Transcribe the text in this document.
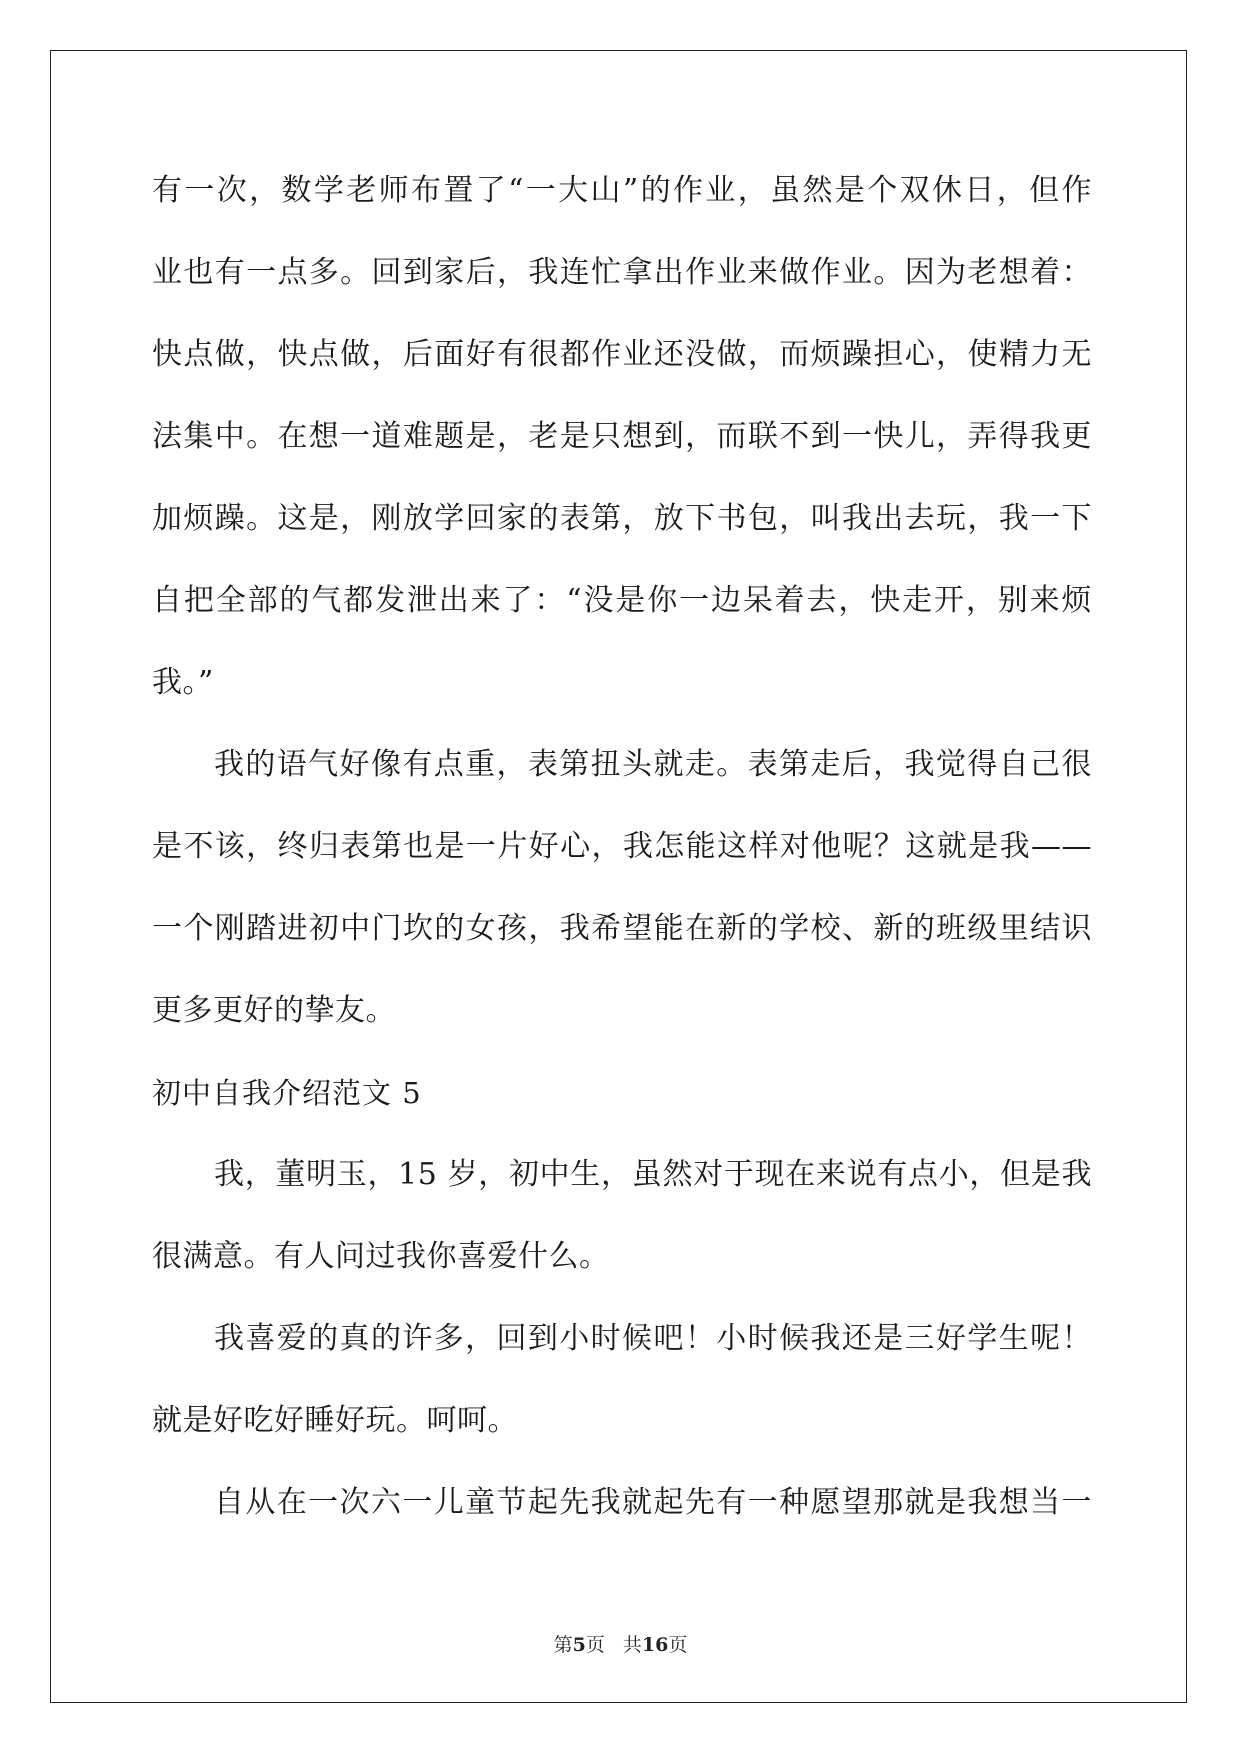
有一次，数学老师布置了“一大山”的作业，虽然是个双休日，但作
业也有一点多。回到家后，我连忙拿出作业来做作业。因为老想着：
快点做，快点做，后面好有很都作业还没做，而烦躁担心，使精力无
法集中。在想一道难题是，老是只想到，而联不到一快儿，弄得我更
加烦躁。这是，刚放学回家的表第，放下书包，叫我出去玩，我一下
自把全部的气都发泄出来了：“没是你一边呆着去，快走开，别来烦
我。”
我的语气好像有点重，表第扭头就走。表第走后，我觉得自己很
是不该，终归表第也是一片好心，我怎能这样对他呢？这就是我——
一个刚踏进初中门坎的女孩，我希望能在新的学校、新的班级里结识
更多更好的挚友。
初中自我介绍范文 5
我，董明玉，15 岁，初中生，虽然对于现在来说有点小，但是我
很满意。有人问过我你喜爱什么。
我喜爱的真的许多，回到小时候吧！小时候我还是三好学生呢！
就是好吃好睡好玩。呵呵。
自从在一次六一儿童节起先我就起先有一种愿望那就是我想当一
第5页 共16页
